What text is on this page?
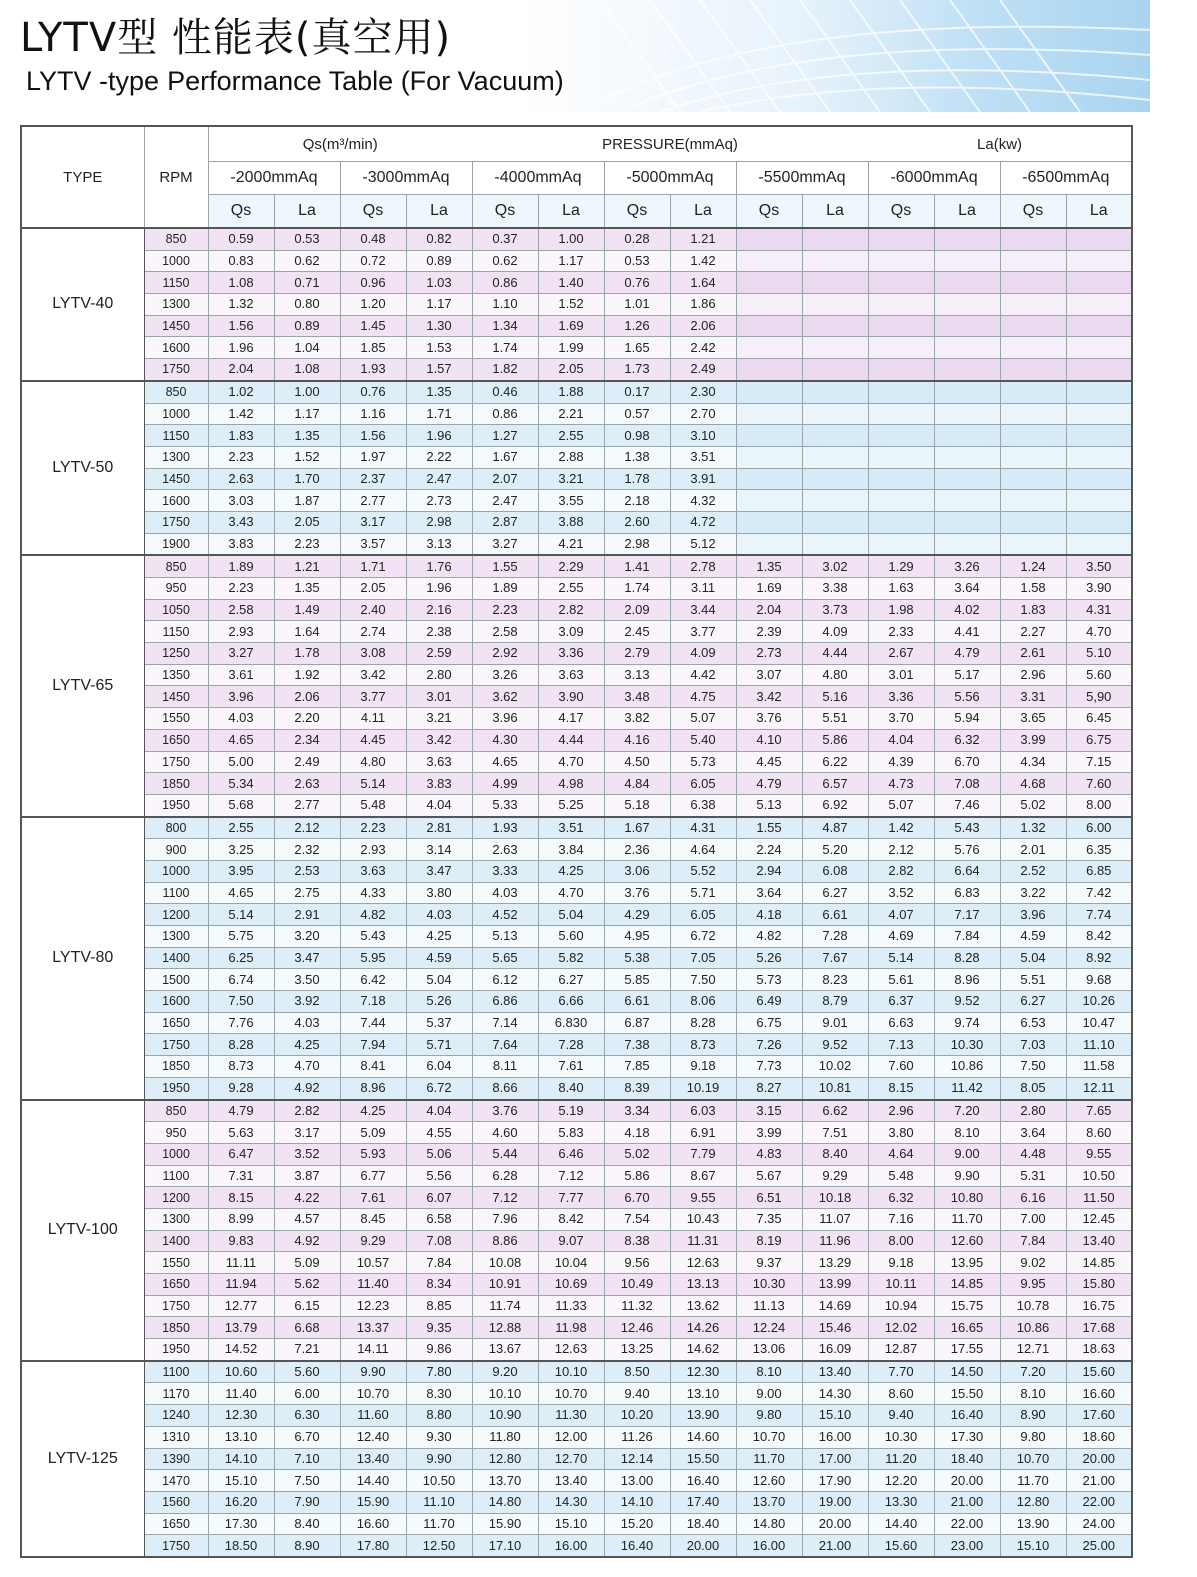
LYTV型 性能表(真空用)
LYTV -type Performance Table (For Vacuum)
TYPE	RPM	Qs(m³/min)				PRESSURE(mmAq)						La(kw)			
		-2000mmAq		-3000mmAq		-4000mmAq		-5000mmAq		-5500mmAq		-6000mmAq		-6500mmAq	
		Qs	La	Qs	La	Qs	La	Qs	La	Qs	La	Qs	La	Qs	La
LYTV-40	850	0.59	0.53	0.48	0.82	0.37	1.00	0.28	1.21						
	1000	0.83	0.62	0.72	0.89	0.62	1.17	0.53	1.42						
	1150	1.08	0.71	0.96	1.03	0.86	1.40	0.76	1.64						
	1300	1.32	0.80	1.20	1.17	1.10	1.52	1.01	1.86						
	1450	1.56	0.89	1.45	1.30	1.34	1.69	1.26	2.06						
	1600	1.96	1.04	1.85	1.53	1.74	1.99	1.65	2.42						
	1750	2.04	1.08	1.93	1.57	1.82	2.05	1.73	2.49						
LYTV-50	850	1.02	1.00	0.76	1.35	0.46	1.88	0.17	2.30						
	1000	1.42	1.17	1.16	1.71	0.86	2.21	0.57	2.70						
	1150	1.83	1.35	1.56	1.96	1.27	2.55	0.98	3.10						
	1300	2.23	1.52	1.97	2.22	1.67	2.88	1.38	3.51						
	1450	2.63	1.70	2.37	2.47	2.07	3.21	1.78	3.91						
	1600	3.03	1.87	2.77	2.73	2.47	3.55	2.18	4.32						
	1750	3.43	2.05	3.17	2.98	2.87	3.88	2.60	4.72						
	1900	3.83	2.23	3.57	3.13	3.27	4.21	2.98	5.12						
LYTV-65	850	1.89	1.21	1.71	1.76	1.55	2.29	1.41	2.78	1.35	3.02	1.29	3.26	1.24	3.50
	950	2.23	1.35	2.05	1.96	1.89	2.55	1.74	3.11	1.69	3.38	1.63	3.64	1.58	3.90
	1050	2.58	1.49	2.40	2.16	2.23	2.82	2.09	3.44	2.04	3.73	1.98	4.02	1.83	4.31
	1150	2.93	1.64	2.74	2.38	2.58	3.09	2.45	3.77	2.39	4.09	2.33	4.41	2.27	4.70
	1250	3.27	1.78	3.08	2.59	2.92	3.36	2.79	4.09	2.73	4.44	2.67	4.79	2.61	5.10
	1350	3.61	1.92	3.42	2.80	3.26	3.63	3.13	4.42	3.07	4.80	3.01	5.17	2.96	5.60
	1450	3.96	2.06	3.77	3.01	3.62	3.90	3.48	4.75	3.42	5.16	3.36	5.56	3.31	5,90
	1550	4.03	2.20	4.11	3.21	3.96	4.17	3.82	5.07	3.76	5.51	3.70	5.94	3.65	6.45
	1650	4.65	2.34	4.45	3.42	4.30	4.44	4.16	5.40	4.10	5.86	4.04	6.32	3.99	6.75
	1750	5.00	2.49	4.80	3.63	4.65	4.70	4.50	5.73	4.45	6.22	4.39	6.70	4.34	7.15
	1850	5.34	2.63	5.14	3.83	4.99	4.98	4.84	6.05	4.79	6.57	4.73	7.08	4.68	7.60
	1950	5.68	2.77	5.48	4.04	5.33	5.25	5.18	6.38	5.13	6.92	5.07	7.46	5.02	8.00
LYTV-80	800	2.55	2.12	2.23	2.81	1.93	3.51	1.67	4.31	1.55	4.87	1.42	5.43	1.32	6.00
	900	3.25	2.32	2.93	3.14	2.63	3.84	2.36	4.64	2.24	5.20	2.12	5.76	2.01	6.35
	1000	3.95	2.53	3.63	3.47	3.33	4.25	3.06	5.52	2.94	6.08	2.82	6.64	2.52	6.85
	1100	4.65	2.75	4.33	3.80	4.03	4.70	3.76	5.71	3.64	6.27	3.52	6.83	3.22	7.42
	1200	5.14	2.91	4.82	4.03	4.52	5.04	4.29	6.05	4.18	6.61	4.07	7.17	3.96	7.74
	1300	5.75	3.20	5.43	4.25	5.13	5.60	4.95	6.72	4.82	7.28	4.69	7.84	4.59	8.42
	1400	6.25	3.47	5.95	4.59	5.65	5.82	5.38	7.05	5.26	7.67	5.14	8.28	5.04	8.92
	1500	6.74	3.50	6.42	5.04	6.12	6.27	5.85	7.50	5.73	8.23	5.61	8.96	5.51	9.68
	1600	7.50	3.92	7.18	5.26	6.86	6.66	6.61	8.06	6.49	8.79	6.37	9.52	6.27	10.26
	1650	7.76	4.03	7.44	5.37	7.14	6.830	6.87	8.28	6.75	9.01	6.63	9.74	6.53	10.47
	1750	8.28	4.25	7.94	5.71	7.64	7.28	7.38	8.73	7.26	9.52	7.13	10.30	7.03	11.10
	1850	8.73	4.70	8.41	6.04	8.11	7.61	7.85	9.18	7.73	10.02	7.60	10.86	7.50	11.58
	1950	9.28	4.92	8.96	6.72	8.66	8.40	8.39	10.19	8.27	10.81	8.15	11.42	8.05	12.11
LYTV-100	850	4.79	2.82	4.25	4.04	3.76	5.19	3.34	6.03	3.15	6.62	2.96	7.20	2.80	7.65
	950	5.63	3.17	5.09	4.55	4.60	5.83	4.18	6.91	3.99	7.51	3.80	8.10	3.64	8.60
	1000	6.47	3.52	5.93	5.06	5.44	6.46	5.02	7.79	4.83	8.40	4.64	9.00	4.48	9.55
	1100	7.31	3.87	6.77	5.56	6.28	7.12	5.86	8.67	5.67	9.29	5.48	9.90	5.31	10.50
	1200	8.15	4.22	7.61	6.07	7.12	7.77	6.70	9.55	6.51	10.18	6.32	10.80	6.16	11.50
	1300	8.99	4.57	8.45	6.58	7.96	8.42	7.54	10.43	7.35	11.07	7.16	11.70	7.00	12.45
	1400	9.83	4.92	9.29	7.08	8.86	9.07	8.38	11.31	8.19	11.96	8.00	12.60	7.84	13.40
	1550	11.11	5.09	10.57	7.84	10.08	10.04	9.56	12.63	9.37	13.29	9.18	13.95	9.02	14.85
	1650	11.94	5.62	11.40	8.34	10.91	10.69	10.49	13.13	10.30	13.99	10.11	14.85	9.95	15.80
	1750	12.77	6.15	12.23	8.85	11.74	11.33	11.32	13.62	11.13	14.69	10.94	15.75	10.78	16.75
	1850	13.79	6.68	13.37	9.35	12.88	11.98	12.46	14.26	12.24	15.46	12.02	16.65	10.86	17.68
	1950	14.52	7.21	14.11	9.86	13.67	12.63	13.25	14.62	13.06	16.09	12.87	17.55	12.71	18.63
LYTV-125	1100	10.60	5.60	9.90	7.80	9.20	10.10	8.50	12.30	8.10	13.40	7.70	14.50	7.20	15.60
	1170	11.40	6.00	10.70	8.30	10.10	10.70	9.40	13.10	9.00	14.30	8.60	15.50	8.10	16.60
	1240	12.30	6.30	11.60	8.80	10.90	11.30	10.20	13.90	9.80	15.10	9.40	16.40	8.90	17.60
	1310	13.10	6.70	12.40	9.30	11.80	12.00	11.26	14.60	10.70	16.00	10.30	17.30	9.80	18.60
	1390	14.10	7.10	13.40	9.90	12.80	12.70	12.14	15.50	11.70	17.00	11.20	18.40	10.70	20.00
	1470	15.10	7.50	14.40	10.50	13.70	13.40	13.00	16.40	12.60	17.90	12.20	20.00	11.70	21.00
	1560	16.20	7.90	15.90	11.10	14.80	14.30	14.10	17.40	13.70	19.00	13.30	21.00	12.80	22.00
	1650	17.30	8.40	16.60	11.70	15.90	15.10	15.20	18.40	14.80	20.00	14.40	22.00	13.90	24.00
	1750	18.50	8.90	17.80	12.50	17.10	16.00	16.40	20.00	16.00	21.00	15.60	23.00	15.10	25.00
